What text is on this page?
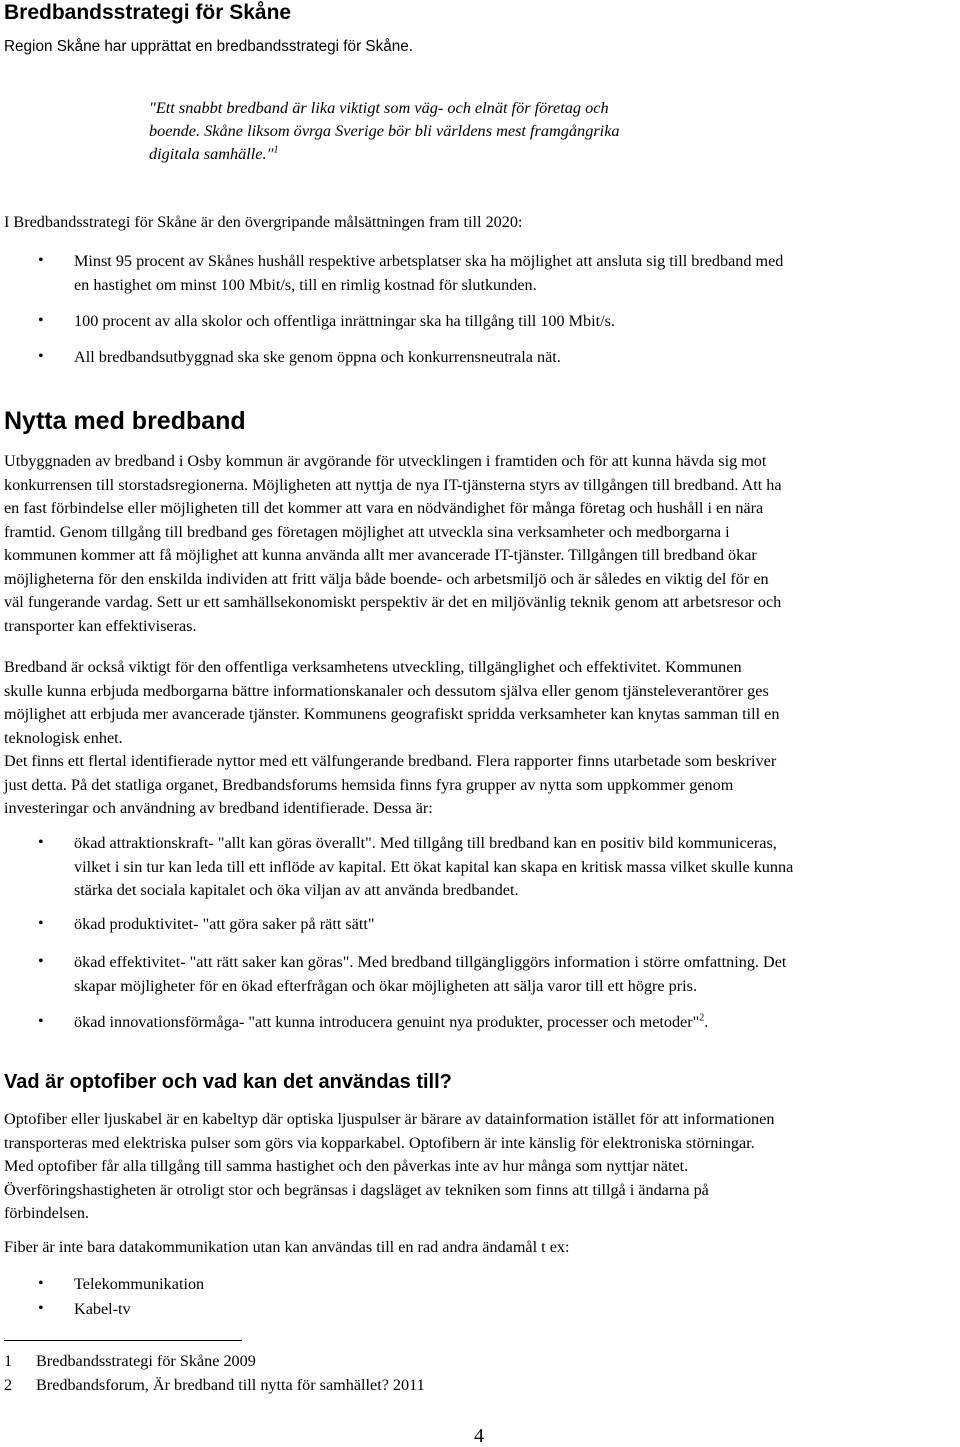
Bredbandsstrategi för Skåne
Region Skåne har upprättat en bredbandsstrategi för Skåne.
"Ett snabbt bredband är lika viktigt som väg- och elnät för företag och
boende. Skåne liksom övrga Sverige bör bli världens mest framgångrika
digitala samhälle."$^1$
I Bredbandsstrategi för Skåne är den övergripande målsättningen fram till 2020:
• Minst 95 procent av Skånes hushåll respektive arbetsplatser ska ha möjlighet att ansluta sig till bredband med
en hastighet om minst 100 Mbit/s, till en rimlig kostnad för slutkunden.
• 100 procent av alla skolor och offentliga inrättningar ska ha tillgång till 100 Mbit/s.
• All bredbandsutbyggnad ska ske genom öppna och konkurrensneutrala nät.
Nytta med bredband
Utbyggnaden av bredband i Osby kommun är avgörande för utvecklingen i framtiden och för att kunna hävda sig mot
konkurrensen till storstadsregionerna. Möjligheten att nyttja de nya IT-tjänsterna styrs av tillgången till bredband. Att ha
en fast förbindelse eller möjligheten till det kommer att vara en nödvändighet för många företag och hushåll i en nära
framtid. Genom tillgång till bredband ges företagen möjlighet att utveckla sina verksamheter och medborgarna i
kommunen kommer att få möjlighet att kunna använda allt mer avancerade IT-tjänster. Tillgången till bredband ökar
möjligheterna för den enskilda individen att fritt välja både boende- och arbetsmiljö och är således en viktig del för en
väl fungerande vardag. Sett ur ett samhällsekonomiskt perspektiv är det en miljövänlig teknik genom att arbetsresor och
transporter kan effektiviseras.
Bredband är också viktigt för den offentliga verksamhetens utveckling, tillgänglighet och effektivitet. Kommunen
skulle kunna erbjuda medborgarna bättre informationskanaler och dessutom själva eller genom tjänsteleverantörer ges
möjlighet att erbjuda mer avancerade tjänster. Kommunens geografiskt spridda verksamheter kan knytas samman till en
teknologisk enhet.
Det finns ett flertal identifierade nyttor med ett välfungerande bredband. Flera rapporter finns utarbetade som beskriver
just detta. På det statliga organet, Bredbandsforums hemsida finns fyra grupper av nytta som uppkommer genom
investeringar och användning av bredband identifierade. Dessa är:
• ökad attraktionskraft- "allt kan göras överallt". Med tillgång till bredband kan en positiv bild kommuniceras,
vilket i sin tur kan leda till ett inflöde av kapital. Ett ökat kapital kan skapa en kritisk massa vilket skulle kunna
stärka det sociala kapitalet och öka viljan av att använda bredbandet.
• ökad produktivitet- "att göra saker på rätt sätt"
• ökad effektivitet- "att rätt saker kan göras". Med bredband tillgängliggörs information i större omfattning. Det
skapar möjligheter för en ökad efterfrågan och ökar möjligheten att sälja varor till ett högre pris.
• ökad innovationsförmåga- "att kunna introducera genuint nya produkter, processer och metoder"$^2$.
Vad är optofiber och vad kan det användas till?
Optofiber eller ljuskabel är en kabeltyp där optiska ljuspulser är bärare av datainformation istället för att informationen
transporteras med elektriska pulser som görs via kopparkabel. Optofibern är inte känslig för elektroniska störningar.
Med optofiber får alla tillgång till samma hastighet och den påverkas inte av hur många som nyttjar nätet.
Överföringshastigheten är otroligt stor och begränsas i dagsläget av tekniken som finns att tillgå i ändarna på
förbindelsen.
Fiber är inte bara datakommunikation utan kan användas till en rad andra ändamål t ex:
• Telekommunikation
• Kabel-tv
1 Bredbandsstrategi för Skåne 2009
2 Bredbandsforum, Är bredband till nytta för samhället? 2011
4
